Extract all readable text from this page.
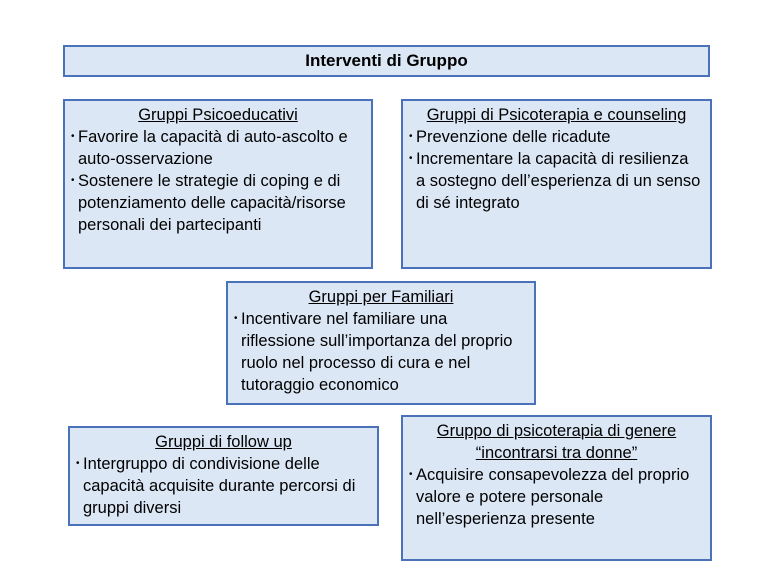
Interventi di Gruppo
Gruppi Psicoeducativi
• Favorire la capacità di auto-ascolto e auto-osservazione
• Sostenere le strategie di coping e di potenziamento delle capacità/risorse personali dei partecipanti
Gruppi di Psicoterapia e counseling
• Prevenzione delle ricadute
• Incrementare la capacità di resilienza a sostegno dell’esperienza di un senso di sé integrato
Gruppi per Familiari
• Incentivare nel familiare una riflessione sull’importanza del proprio ruolo nel processo di cura e nel tutoraggio economico
Gruppi di follow up
• Intergruppo di condivisione delle capacità acquisite durante percorsi di gruppi diversi
Gruppo di psicoterapia di genere “incontrarsi tra donne”
• Acquisire consapevolezza del proprio valore e potere personale nell’esperienza presente
